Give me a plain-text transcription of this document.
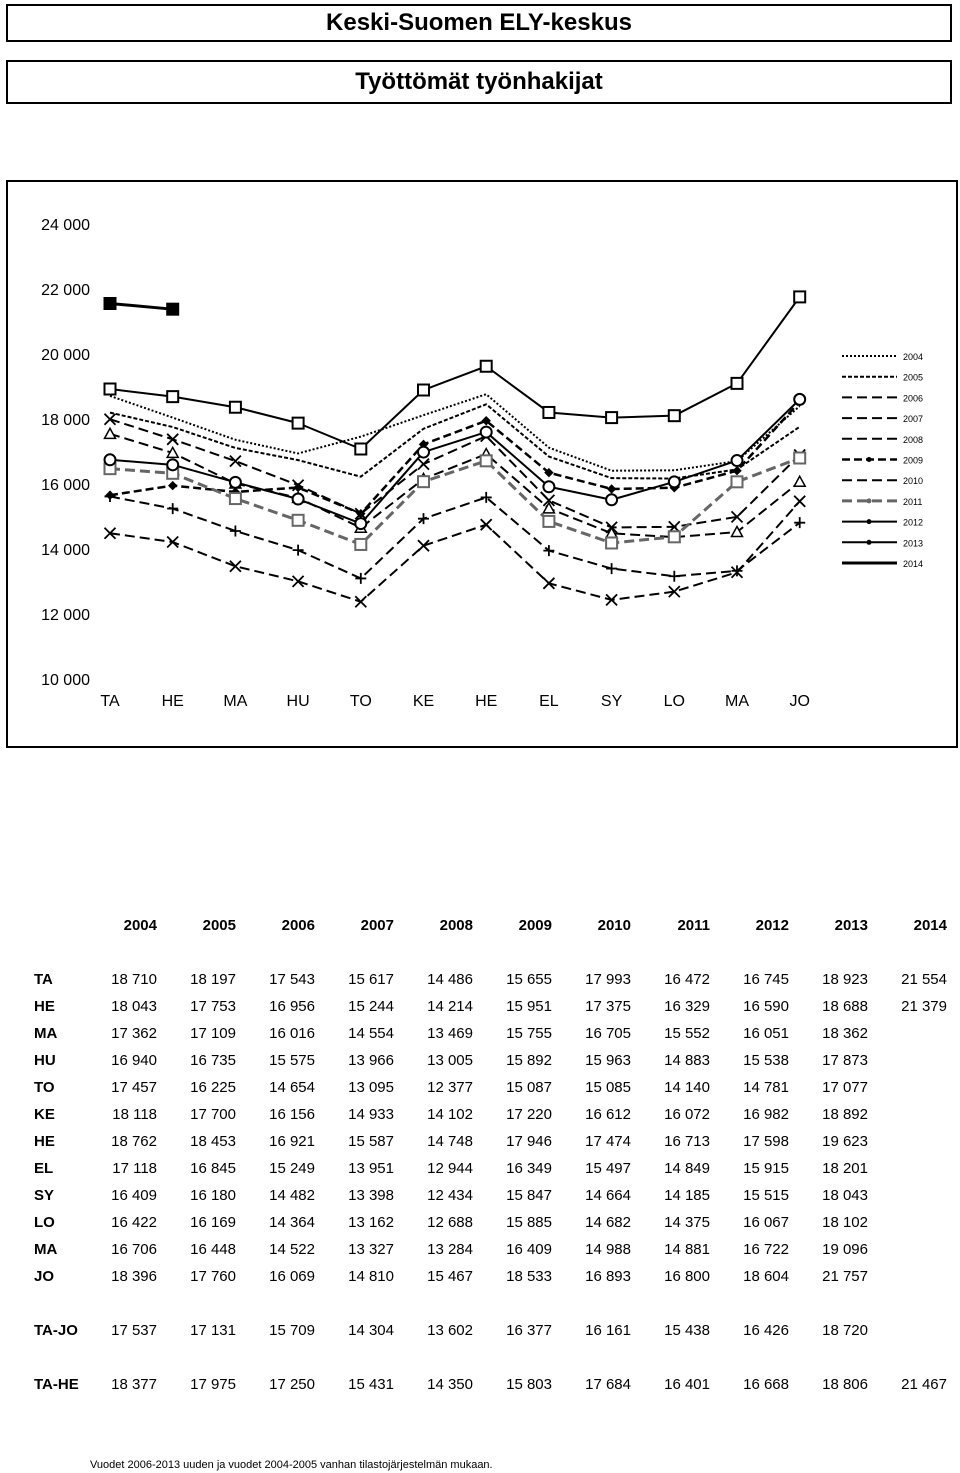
Keski-Suomen ELY-keskus
Työttömät työnhakijat
10 000
12 000
14 000
16 000
18 000
20 000
22 000
24 000
TA	HE MA HU	TO	KE	HE	EL	SY	LO	MA	JO
2004
2005
2006
2007
2008
2009
2010
2011
2012
2013
2014
	2004	2005	2006	2007	2008	2009	2010	2011	2012	2013	2014

TA	18 710	18 197	17 543	15 617	14 486	15 655	17 993	16 472	16 745	18 923	21 554
HE	18 043	17 753	16 956	15 244	14 214	15 951	17 375	16 329	16 590	18 688	21 379
MA	17 362	17 109	16 016	14 554	13 469	15 755	16 705	15 552	16 051	18 362	
HU	16 940	16 735	15 575	13 966	13 005	15 892	15 963	14 883	15 538	17 873	
TO	17 457	16 225	14 654	13 095	12 377	15 087	15 085	14 140	14 781	17 077	
KE	18 118	17 700	16 156	14 933	14 102	17 220	16 612	16 072	16 982	18 892	
HE	18 762	18 453	16 921	15 587	14 748	17 946	17 474	16 713	17 598	19 623	
EL	17 118	16 845	15 249	13 951	12 944	16 349	15 497	14 849	15 915	18 201	
SY	16 409	16 180	14 482	13 398	12 434	15 847	14 664	14 185	15 515	18 043	
LO	16 422	16 169	14 364	13 162	12 688	15 885	14 682	14 375	16 067	18 102	
MA	16 706	16 448	14 522	13 327	13 284	16 409	14 988	14 881	16 722	19 096	
JO	18 396	17 760	16 069	14 810	15 467	18 533	16 893	16 800	18 604	21 757	

TA-JO	17 537	17 131	15 709	14 304	13 602	16 377	16 161	15 438	16 426	18 720	

TA-HE	18 377	17 975	17 250	15 431	14 350	15 803	17 684	16 401	16 668	18 806	21 467
Vuodet 2006-2013 uuden ja vuodet 2004-2005 vanhan tilastojärjestelmän mukaan.
